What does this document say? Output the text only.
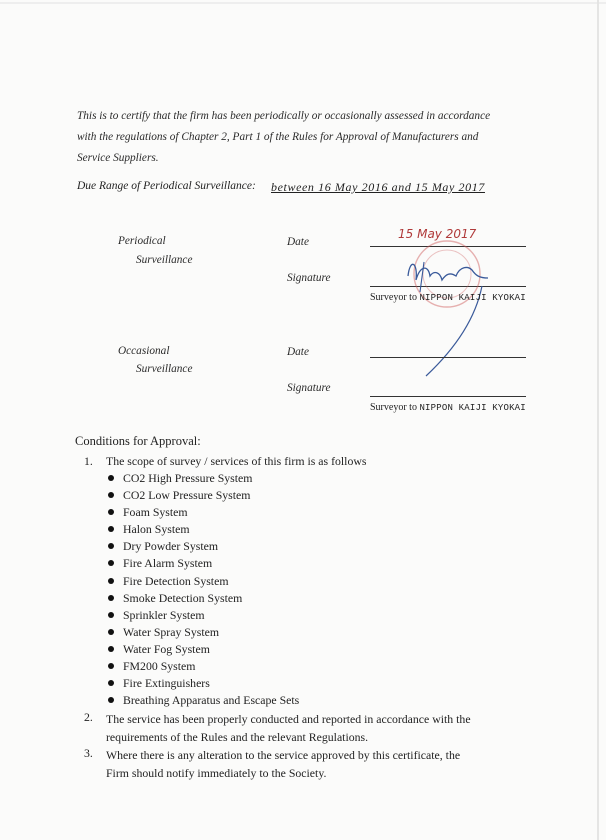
This is to certify that the firm has been periodically or occasionally assessed in accordance
with the regulations of Chapter 2, Part 1 of the Rules for Approval of Manufacturers and
Service Suppliers.
Due Range of Periodical Surveillance: between 16 May 2016 and 15 May 2017
Periodical
Surveillance
Date
15 May 2017
Signature
Surveyor to NIPPON KAIJI KYOKAI
Occasional
Surveillance
Date
Signature
Surveyor to NIPPON KAIJI KYOKAI
Conditions for Approval:
1. The scope of survey / services of this firm is as follows
CO2 High Pressure System
CO2 Low Pressure System
Foam System
Halon System
Dry Powder System
Fire Alarm System
Fire Detection System
Smoke Detection System
Sprinkler System
Water Spray System
Water Fog System
FM200 System
Fire Extinguishers
Breathing Apparatus and Escape Sets
2. The service has been properly conducted and reported in accordance with the
requirements of the Rules and the relevant Regulations.
3. Where there is any alteration to the service approved by this certificate, the
Firm should notify immediately to the Society.
